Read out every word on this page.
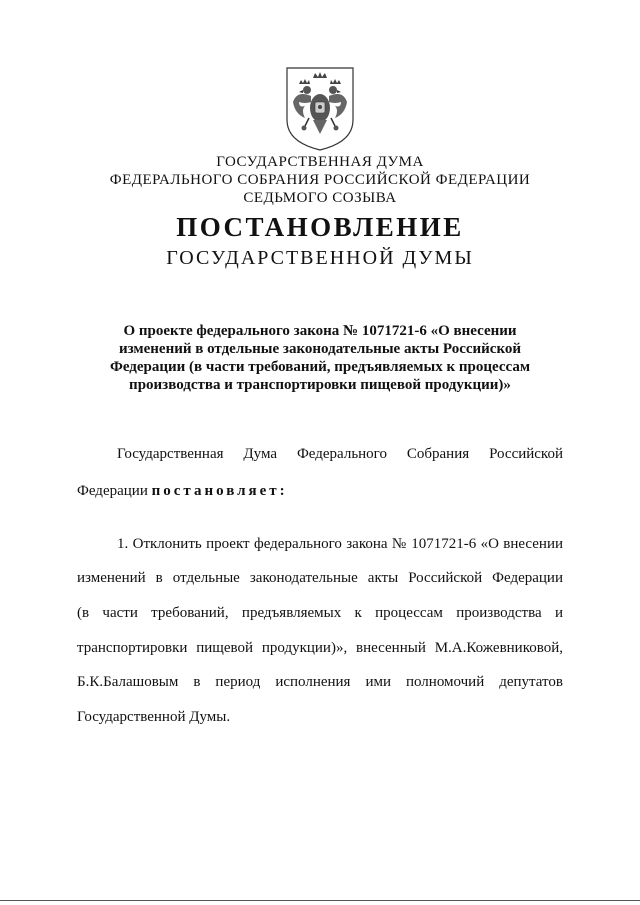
ГОСУДАРСТВЕННАЯ ДУМА
ФЕДЕРАЛЬНОГО СОБРАНИЯ РОССИЙСКОЙ ФЕДЕРАЦИИ
СЕДЬМОГО СОЗЫВА
ПОСТАНОВЛЕНИЕ
ГОСУДАРСТВЕННОЙ ДУМЫ
О проекте федерального закона № 1071721-6 «О внесении
изменений в отдельные законодательные акты Российской
Федерации (в части требований, предъявляемых к процессам
производства и транспортировки пищевой продукции)»
Государственная Дума Федерального Собрания Российской
Федерации постановляет:
1. Отклонить проект федерального закона № 1071721-6 «О внесении
изменений в отдельные законодательные акты Российской Федерации
(в части требований, предъявляемых к процессам производства и
транспортировки пищевой продукции)», внесенный М.А.Кожевниковой,
Б.К.Балашовым в период исполнения ими полномочий депутатов
Государственной Думы.
